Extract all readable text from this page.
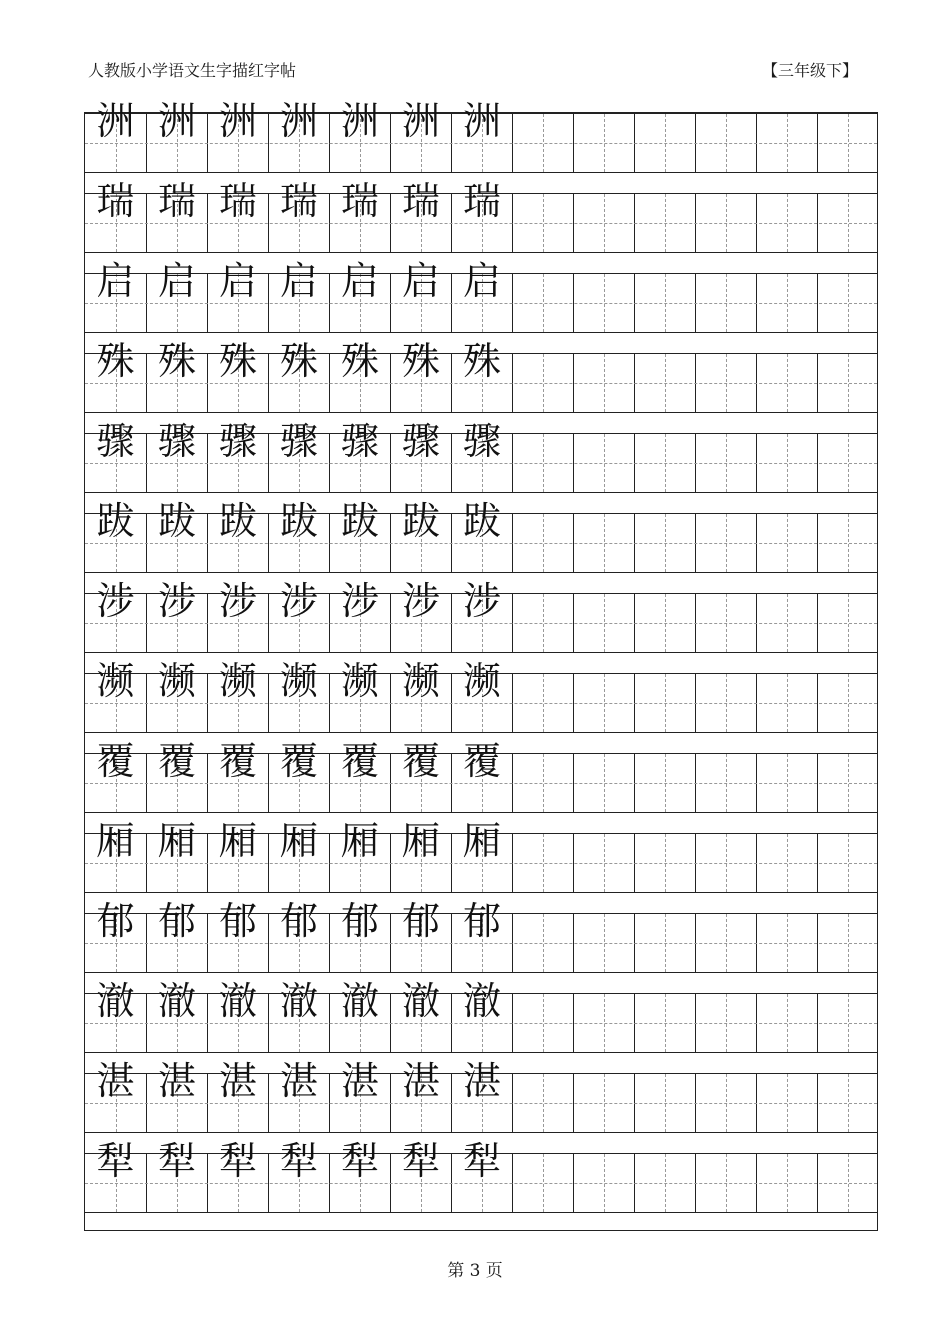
人教版小学语文生字描红字帖	【三年级下】
洲 洲 洲 洲 洲 洲 洲
瑞 瑞 瑞 瑞 瑞 瑞 瑞
启 启 启 启 启 启 启
殊 殊 殊 殊 殊 殊 殊
骤 骤 骤 骤 骤 骤 骤
跋 跋 跋 跋 跋 跋 跋
涉 涉 涉 涉 涉 涉 涉
濒 濒 濒 濒 濒 濒 濒
覆 覆 覆 覆 覆 覆 覆
厢 厢 厢 厢 厢 厢 厢
郁 郁 郁 郁 郁 郁 郁
澈 澈 澈 澈 澈 澈 澈
湛 湛 湛 湛 湛 湛 湛
犁 犁 犁 犁 犁 犁 犁
第 3 页
